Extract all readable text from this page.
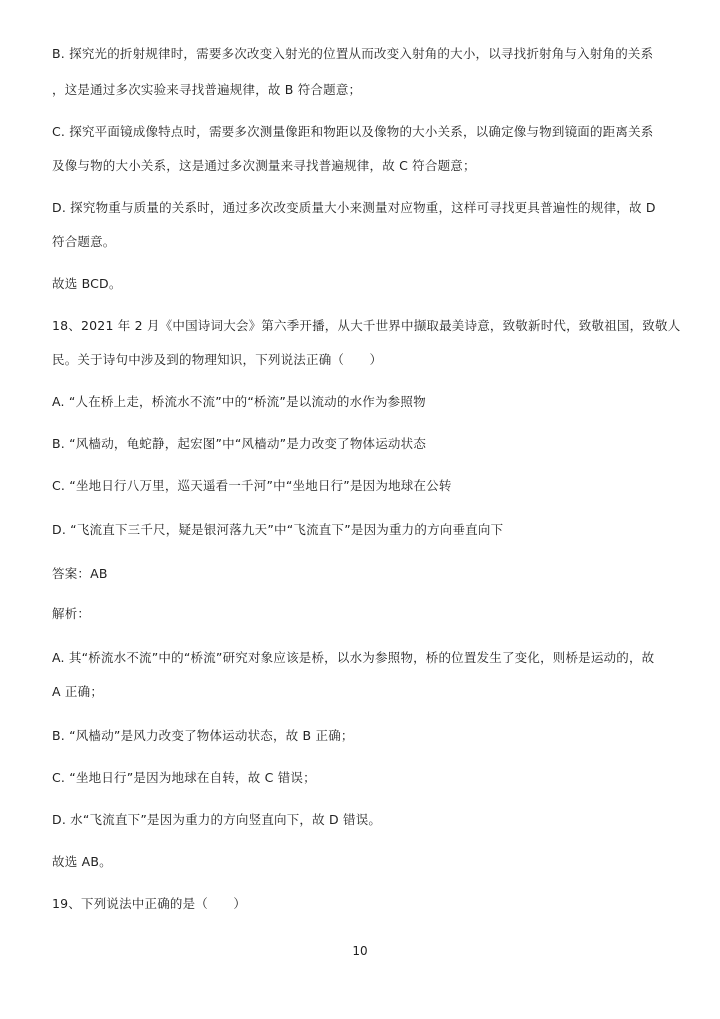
B. 探究光的折射规律时，需要多次改变入射光的位置从而改变入射角的大小，以寻找折射角与入射角的关系
，这是通过多次实验来寻找普遍规律，故 B 符合题意；
C. 探究平面镜成像特点时，需要多次测量像距和物距以及像物的大小关系，以确定像与物到镜面的距离关系
及像与物的大小关系，这是通过多次测量来寻找普遍规律，故 C 符合题意；
D. 探究物重与质量的关系时，通过多次改变质量大小来测量对应物重，这样可寻找更具普遍性的规律，故 D
符合题意。
故选 BCD。
18、2021 年 2 月《中国诗词大会》第六季开播，从大千世界中撷取最美诗意，致敬新时代，致敬祖国，致敬人
民。关于诗句中涉及到的物理知识，下列说法正确（　　）
A. “人在桥上走，桥流水不流”中的“桥流”是以流动的水作为参照物
B. “风樯动，龟蛇静，起宏图”中“风樯动”是力改变了物体运动状态
C. “坐地日行八万里，巡天遥看一千河”中“坐地日行”是因为地球在公转
D. “飞流直下三千尺，疑是银河落九天”中“飞流直下”是因为重力的方向垂直向下
答案：AB
解析：
A. 其“桥流水不流”中的“桥流”研究对象应该是桥，以水为参照物，桥的位置发生了变化，则桥是运动的，故
A 正确；
B. “风樯动”是风力改变了物体运动状态，故 B 正确；
C. “坐地日行”是因为地球在自转，故 C 错误；
D. 水“飞流直下”是因为重力的方向竖直向下，故 D 错误。
故选 AB。
19、下列说法中正确的是（　　）
10
